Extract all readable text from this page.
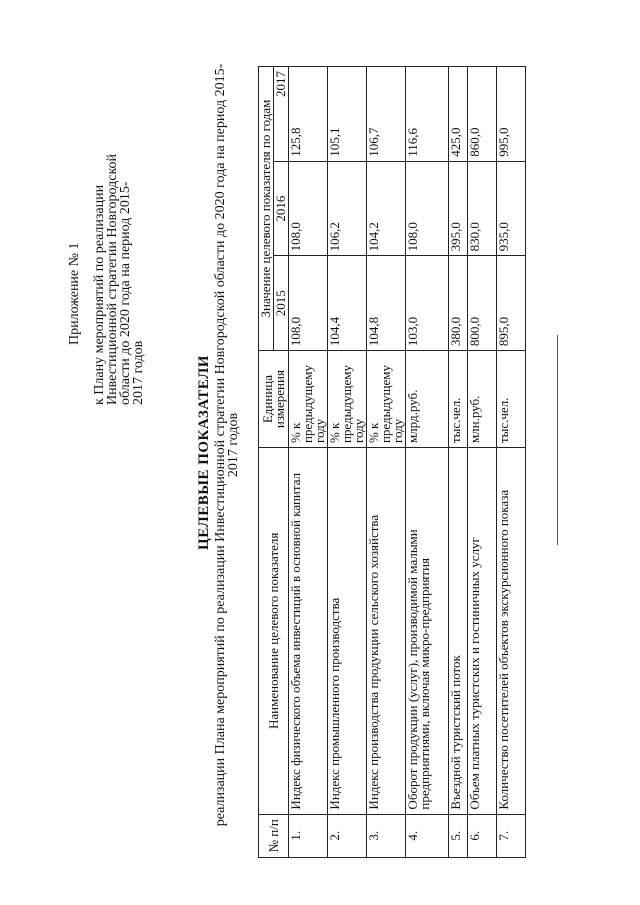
Приложение № 1 к Плану мероприятий по реализации
Инвестиционной стратегии Новгородской
области до 2020 года на период 2015-
2017 годов	ЦЕЛЕВЫЕ ПОКАЗАТЕЛИ реализации Плана мероприятий по реализации Инвестиционной стратегии Новгородской области до 2020 года на период 2015-2017 годов
№ п/п	Наименование целевого показателя	Единица измерения	Значение целевого показателя по годам		
			2015	2016	2017
1.	Индекс физического объема инвестиций в основной капитал	% к предыдущему году	108,0	108,0	125,8
2.	Индекс промышленного производства	% к предыдущему году	104,4	106,2	105,1
3.	Индекс производства продукции сельского хозяйства	% к предыдущему году	104,8	104,2	106,7
4.	Оборот продукции (услуг), производимой малыми предприятиями, включая микро-предприятия	млрд.руб.	103,0	108,0	116,6
5.	Въездной туристский поток	тыс.чел.	380,0	395,0	425,0
6.	Объем платных туристских и гостиничных услуг	млн.руб.	800,0	830,0	860,0
7.	Количество посетителей объектов экскурсионного показа	тыс.чел.	895,0	935,0	995,0
